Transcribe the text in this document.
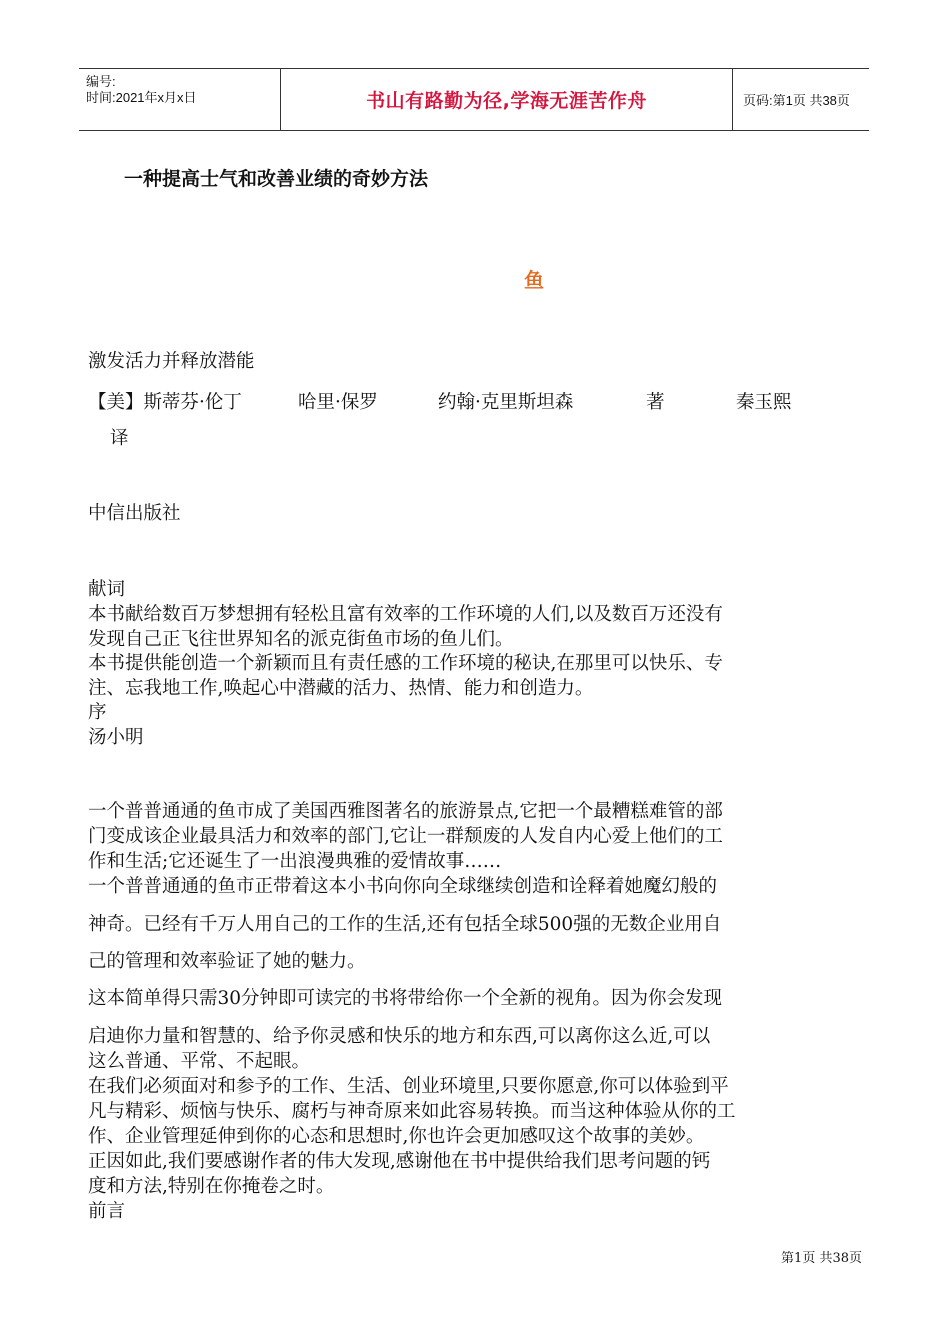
编号:
时间:2021年x月x日	书山有路勤为径,学海无涯苦作舟	页码:第1页 共38页
一种提高士气和改善业绩的奇妙方法
鱼
激发活力并释放潜能
【美】斯蒂芬·伦丁	哈里·保罗	约翰·克里斯坦森	著	秦玉熙
译
中信出版社
献词
本书献给数百万梦想拥有轻松且富有效率的工作环境的人们,以及数百万还没有
发现自己正飞往世界知名的派克街鱼市场的鱼儿们。
本书提供能创造一个新颖而且有责任感的工作环境的秘诀,在那里可以快乐、专
注、忘我地工作,唤起心中潜藏的活力、热情、能力和创造力。
序
汤小明
一个普普通通的鱼市成了美国西雅图著名的旅游景点,它把一个最糟糕难管的部
门变成该企业最具活力和效率的部门,它让一群颓废的人发自内心爱上他们的工
作和生活;它还诞生了一出浪漫典雅的爱情故事……
一个普普通通的鱼市正带着这本小书向你向全球继续创造和诠释着她魔幻般的
神奇。已经有千万人用自己的工作的生活,还有包括全球500强的无数企业用自
己的管理和效率验证了她的魅力。
这本简单得只需30分钟即可读完的书将带给你一个全新的视角。因为你会发现
启迪你力量和智慧的、给予你灵感和快乐的地方和东西,可以离你这么近,可以
这么普通、平常、不起眼。
在我们必须面对和参予的工作、生活、创业环境里,只要你愿意,你可以体验到平
凡与精彩、烦恼与快乐、腐朽与神奇原来如此容易转换。而当这种体验从你的工
作、企业管理延伸到你的心态和思想时,你也许会更加感叹这个故事的美妙。
正因如此,我们要感谢作者的伟大发现,感谢他在书中提供给我们思考问题的钙
度和方法,特别在你掩卷之时。
前言
第1页 共38页
